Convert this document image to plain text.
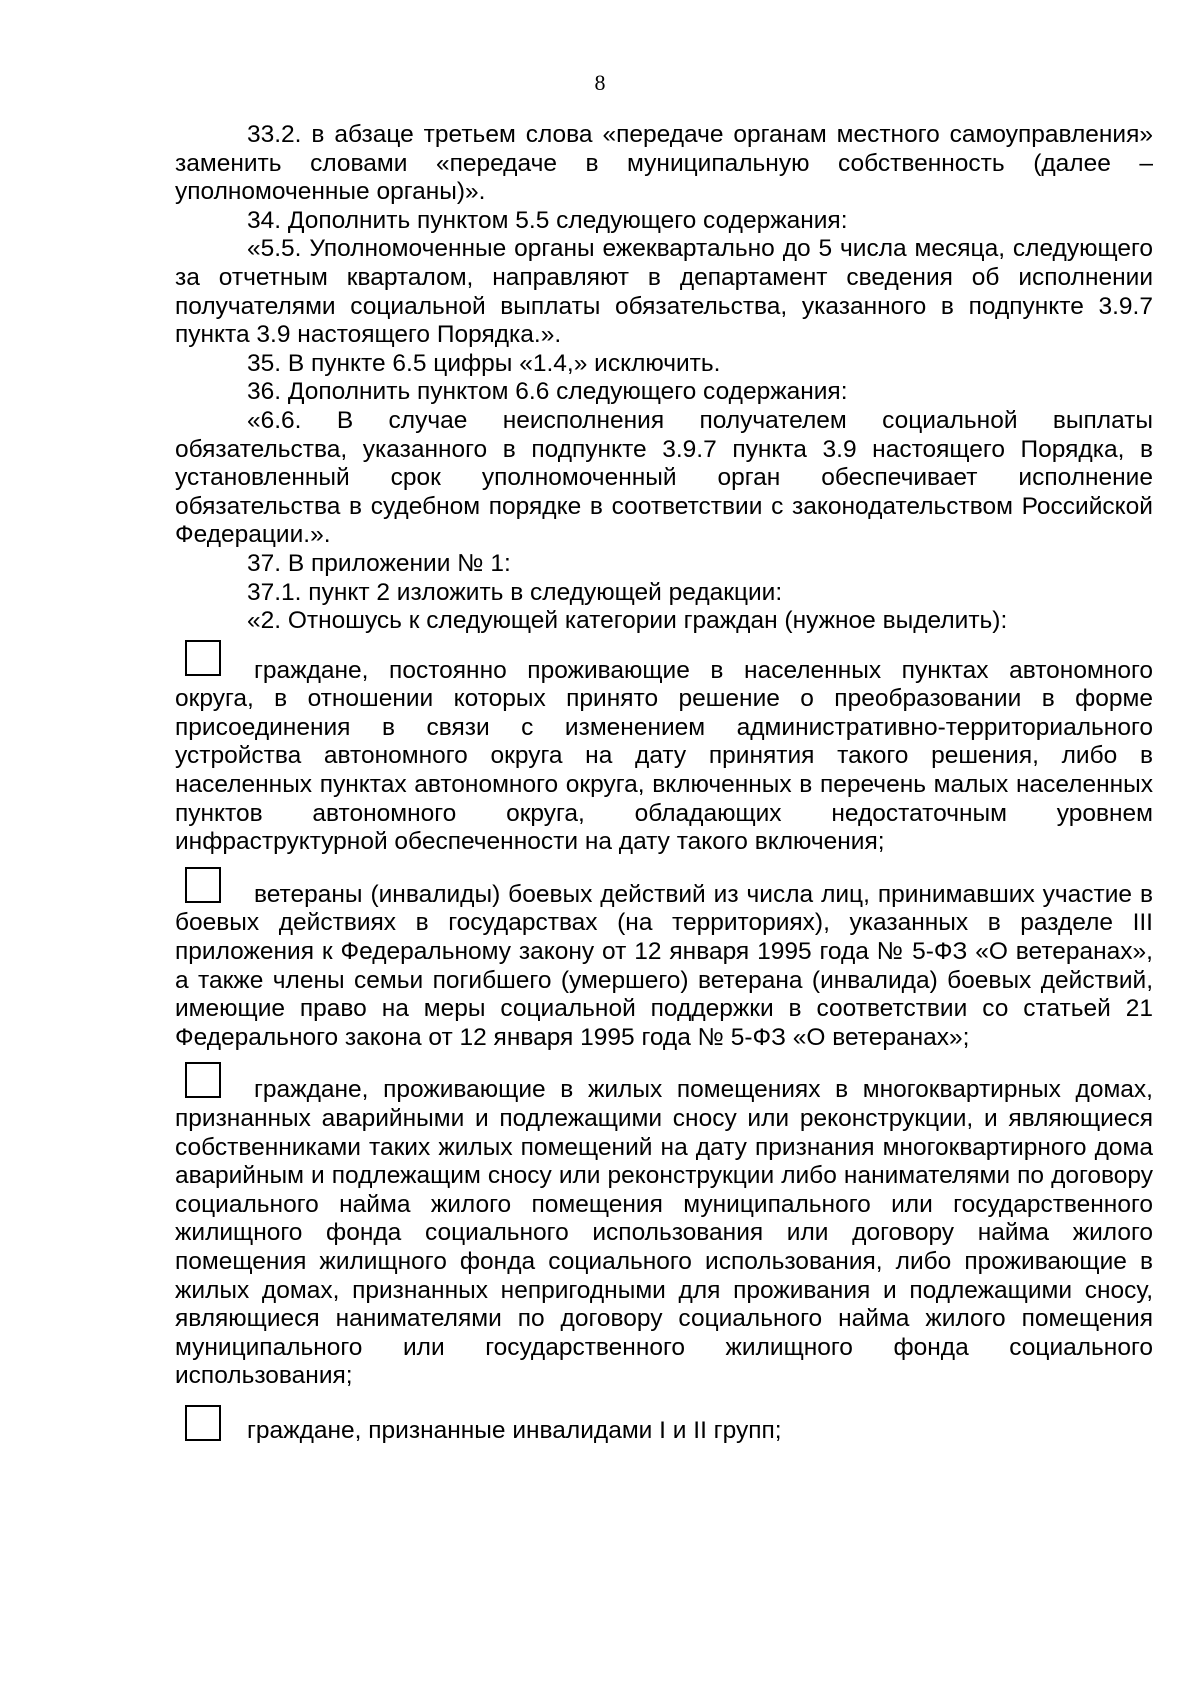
8

33.2. в абзаце третьем слова «передаче органам местного самоуправления» заменить словами «передаче в муниципальную собственность (далее – уполномоченные органы)».

34. Дополнить пунктом 5.5 следующего содержания:

«5.5. Уполномоченные органы ежеквартально до 5 числа месяца, следующего за отчетным кварталом, направляют в департамент сведения об исполнении получателями социальной выплаты обязательства, указанного в подпункте 3.9.7 пункта 3.9 настоящего Порядка.».

35. В пункте 6.5 цифры «1.4,» исключить.

36. Дополнить пунктом 6.6 следующего содержания:

«6.6. В случае неисполнения получателем социальной выплаты обязательства, указанного в подпункте 3.9.7 пункта 3.9 настоящего Порядка, в установленный срок уполномоченный орган обеспечивает исполнение обязательства в судебном порядке в соответствии с законодательством Российской Федерации.».

37. В приложении № 1:

37.1. пункт 2 изложить в следующей редакции:

«2. Отношусь к следующей категории граждан (нужное выделить):

граждане, постоянно проживающие в населенных пунктах автономного округа, в отношении которых принято решение о преобразовании в форме присоединения в связи с изменением административно-территориального устройства автономного округа на дату принятия такого решения, либо в населенных пунктах автономного округа, включенных в перечень малых населенных пунктов автономного округа, обладающих недостаточным уровнем инфраструктурной обеспеченности на дату такого включения;
ветераны (инвалиды) боевых действий из числа лиц, принимавших участие в боевых действиях в государствах (на территориях), указанных в разделе III приложения к Федеральному закону от 12 января 1995 года № 5-ФЗ «О ветеранах», а также члены семьи погибшего (умершего) ветерана (инвалида) боевых действий, имеющие право на меры социальной поддержки в соответствии со статьей 21 Федерального закона от 12 января 1995 года № 5-ФЗ «О ветеранах»;
граждане, проживающие в жилых помещениях в многоквартирных домах, признанных аварийными и подлежащими сносу или реконструкции, и являющиеся собственниками таких жилых помещений на дату признания многоквартирного дома аварийным и подлежащим сносу или реконструкции либо нанимателями по договору социального найма жилого помещения муниципального или государственного жилищного фонда социального использования или договору найма жилого помещения жилищного фонда социального использования, либо проживающие в жилых домах, признанных непригодными для проживания и подлежащими сносу, являющиеся нанимателями по договору социального найма жилого помещения муниципального или государственного жилищного фонда социального использования;
граждане, признанные инвалидами I и II групп;
